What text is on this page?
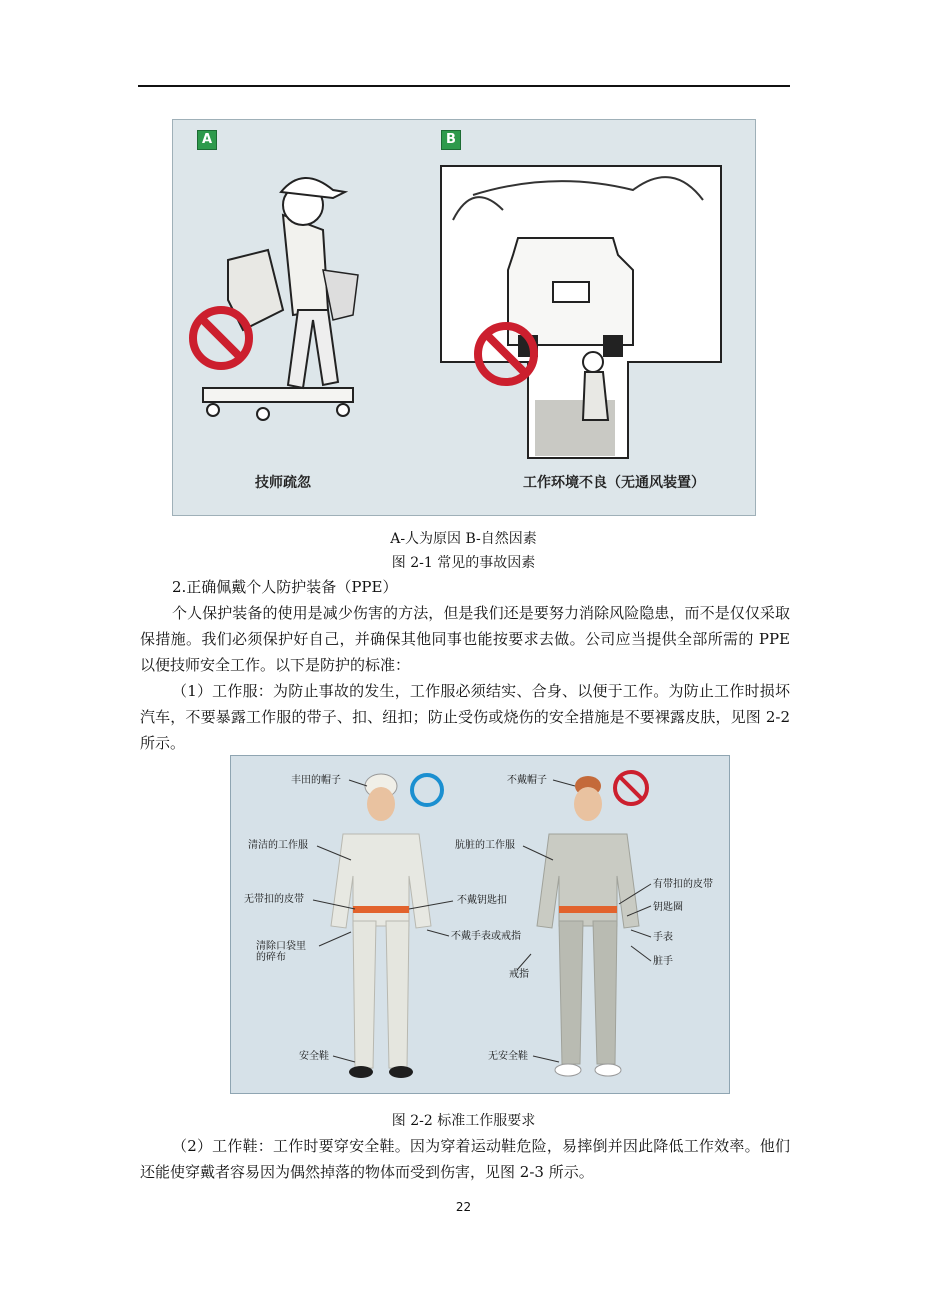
A	B
技师疏忽	工作环境不良（无通风装置）
A-人为原因 B-自然因素
图 2-1 常见的事故因素

2.正确佩戴个人防护装备（PPE）

个人保护装备的使用是减少伤害的方法，但是我们还是要努力消除风险隐患，而不是仅仅采取保措施。我们必须保护好自己，并确保其他同事也能按要求去做。公司应当提供全部所需的 PPE 以便技师安全工作。以下是防护的标准：

（1）工作服：为防止事故的发生，工作服必须结实、合身、以便于工作。为防止工作时损坏汽车，不要暴露工作服的带子、扣、纽扣；防止受伤或烧伤的安全措施是不要裸露皮肤，见图 2-2 所示。

丰田的帽子
清洁的工作服
无带扣的皮带
清除口袋里
的碎布
安全鞋
不戴钥匙扣
不戴手表或戒指
不戴帽子
肮脏的工作服
戒指
无安全鞋
有带扣的皮带
钥匙圈
手表
脏手
图 2-2 标准工作服要求

（2）工作鞋：工作时要穿安全鞋。因为穿着运动鞋危险，易摔倒并因此降低工作效率。他们还能使穿戴者容易因为偶然掉落的物体而受到伤害，见图 2-3 所示。

22
